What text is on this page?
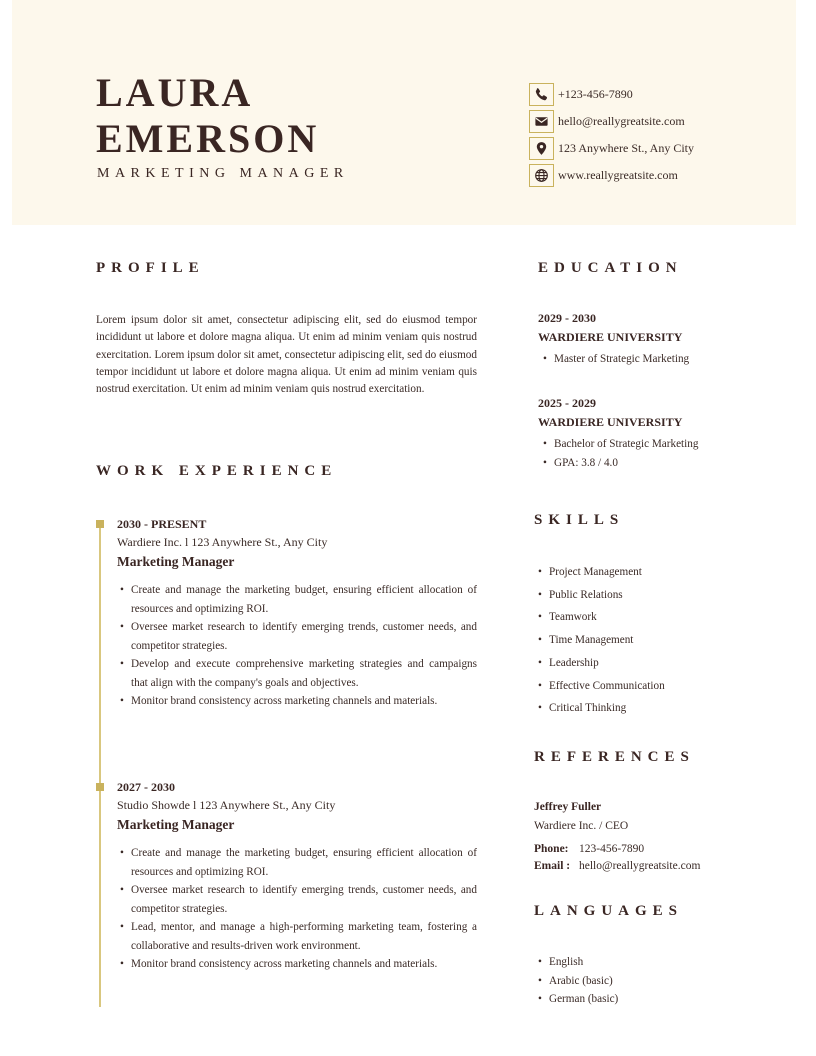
LAURA
EMERSON
MARKETING MANAGER
+123-456-7890
hello@reallygreatsite.com
123 Anywhere St., Any City
www.reallygreatsite.com
PROFILE
Lorem ipsum dolor sit amet, consectetur adipiscing elit, sed do eiusmod tempor incididunt ut labore et dolore magna aliqua. Ut enim ad minim veniam quis nostrud exercitation. Lorem ipsum dolor sit amet, consectetur adipiscing elit, sed do eiusmod tempor incididunt ut labore et dolore magna aliqua. Ut enim ad minim veniam quis nostrud exercitation. Ut enim ad minim veniam quis nostrud exercitation.
WORK EXPERIENCE
2030 - PRESENT
Wardiere Inc. l 123 Anywhere St., Any City
Marketing Manager
• Create and manage the marketing budget, ensuring efficient allocation of resources and optimizing ROI.
• Oversee market research to identify emerging trends, customer needs, and competitor strategies.
• Develop and execute comprehensive marketing strategies and campaigns that align with the company's goals and objectives.
• Monitor brand consistency across marketing channels and materials.
2027 - 2030
Studio Showde l 123 Anywhere St., Any City
Marketing Manager
• Create and manage the marketing budget, ensuring efficient allocation of resources and optimizing ROI.
• Oversee market research to identify emerging trends, customer needs, and competitor strategies.
• Lead, mentor, and manage a high-performing marketing team, fostering a collaborative and results-driven work environment.
• Monitor brand consistency across marketing channels and materials.
EDUCATION
2029 - 2030
WARDIERE UNIVERSITY
• Master of Strategic Marketing
2025 - 2029
WARDIERE UNIVERSITY
• Bachelor of Strategic Marketing
• GPA: 3.8 / 4.0
SKILLS
• Project Management
• Public Relations
• Teamwork
• Time Management
• Leadership
• Effective Communication
• Critical Thinking
REFERENCES
Jeffrey Fuller
Wardiere Inc. / CEO
Phone: 123-456-7890
Email : hello@reallygreatsite.com
LANGUAGES
• English
• Arabic (basic)
• German (basic)
